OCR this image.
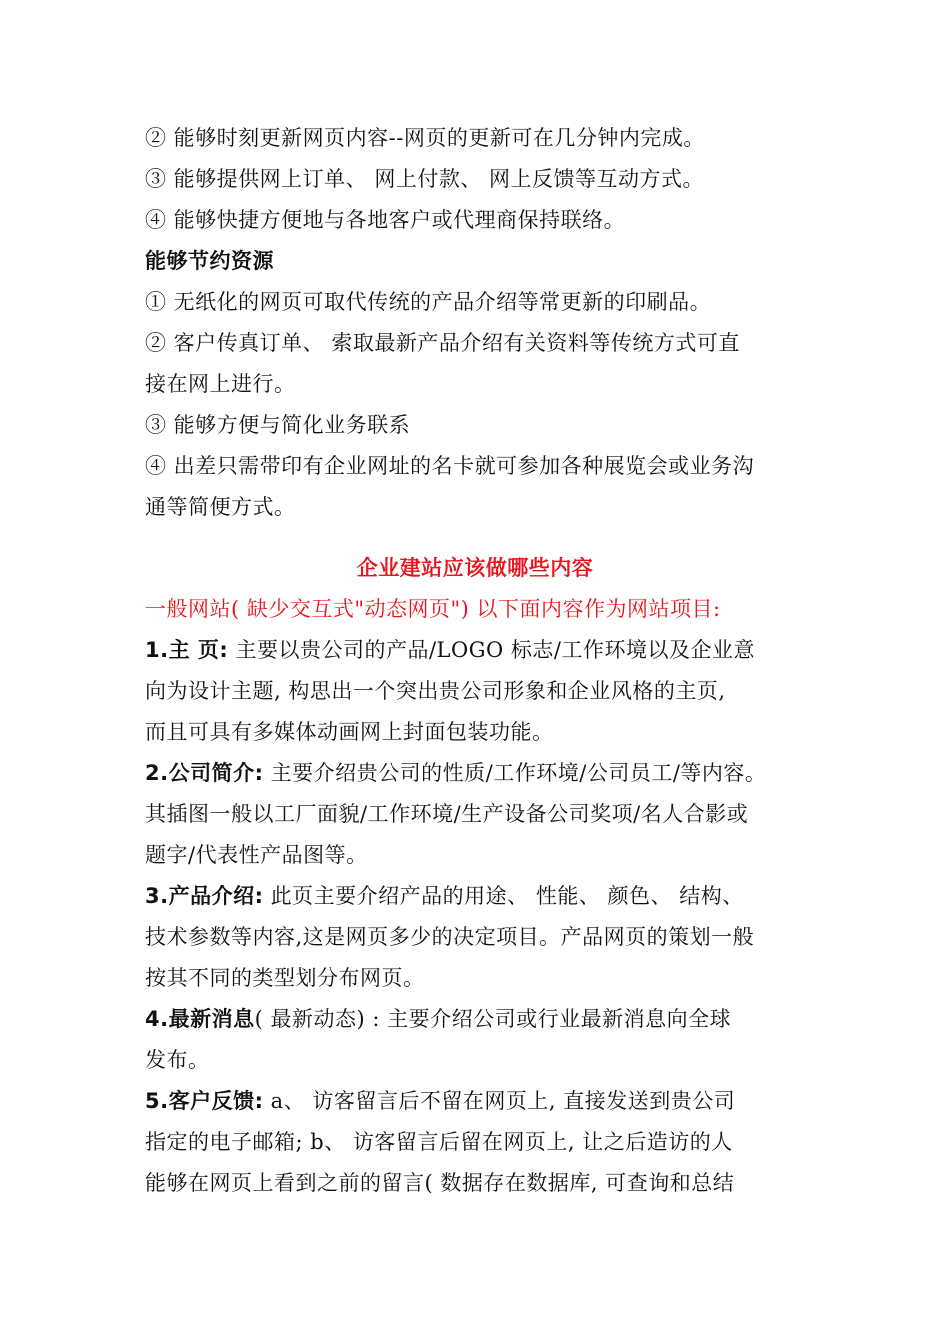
② 能够时刻更新网页内容--网页的更新可在几分钟内完成。
③ 能够提供网上订单、 网上付款、 网上反馈等互动方式。
④ 能够快捷方便地与各地客户或代理商保持联络。
能够节约资源
① 无纸化的网页可取代传统的产品介绍等常更新的印刷品。
② 客户传真订单、 索取最新产品介绍有关资料等传统方式可直
接在网上进行。
③ 能够方便与简化业务联系
④ 出差只需带印有企业网址的名卡就可参加各种展览会或业务沟
通等简便方式。
企业建站应该做哪些内容
一般网站( 缺少交互式"动态网页") 以下面内容作为网站项目:
1.主 页: 主要以贵公司的产品/LOGO 标志/工作环境以及企业意
向为设计主题, 构思出一个突出贵公司形象和企业风格的主页,
而且可具有多媒体动画网上封面包装功能。
2.公司简介: 主要介绍贵公司的性质/工作环境/公司员工/等内容。
其插图一般以工厂面貌/工作环境/生产设备公司奖项/名人合影或
题字/代表性产品图等。
3.产品介绍: 此页主要介绍产品的用途、 性能、 颜色、 结构、
技术参数等内容,这是网页多少的决定项目。产品网页的策划一般
按其不同的类型划分布网页。
4.最新消息( 最新动态) : 主要介绍公司或行业最新消息向全球
发布。
5.客户反馈: a、 访客留言后不留在网页上, 直接发送到贵公司
指定的电子邮箱; b、 访客留言后留在网页上, 让之后造访的人
能够在网页上看到之前的留言( 数据存在数据库, 可查询和总结
